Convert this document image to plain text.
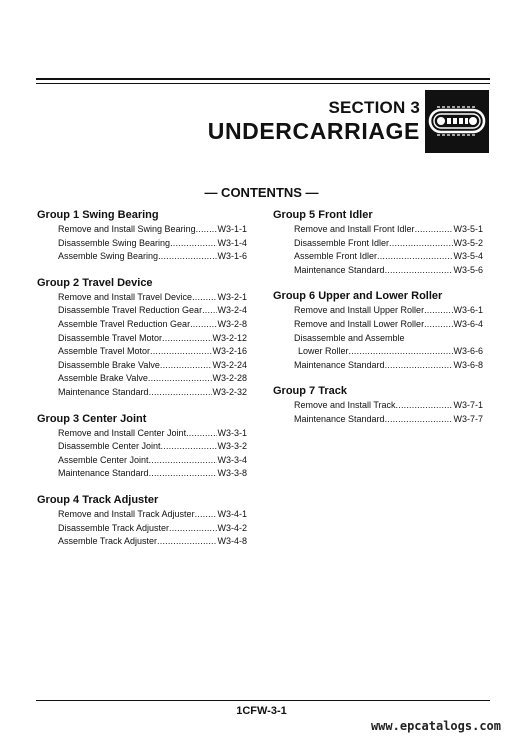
SECTION 3
UNDERCARRIAGE
— CONTENTNS —
Group 1 Swing Bearing
Remove and Install Swing Bearing ..... W3-1-1
Disassemble Swing Bearing .....	W3-1-4
Assemble Swing Bearing .....	W3-1-6
Group 2 Travel Device
Remove and Install Travel Device .....	W3-2-1
Disassemble Travel Reduction Gear ..... W3-2-4
Assemble Travel Reduction Gear .....	W3-2-8
Disassemble Travel Motor .....	W3-2-12
Assemble Travel Motor .....	W3-2-16
Disassemble Brake Valve .....	W3-2-24
Assemble Brake Valve .....	W3-2-28
Maintenance Standard .....	W3-2-32
Group 3 Center Joint
Remove and Install Center Joint .....	W3-3-1
Disassemble Center Joint .....	W3-3-2
Assemble Center Joint .....	W3-3-4
Maintenance Standard .....	W3-3-8
Group 4 Track Adjuster
Remove and Install Track Adjuster .....	W3-4-1
Disassemble Track Adjuster .....	W3-4-2
Assemble Track Adjuster .....	W3-4-8
Group 5 Front Idler
Remove and Install Front Idler .....	W3-5-1
Disassemble Front Idler .....	W3-5-2
Assemble Front Idler .....	W3-5-4
Maintenance Standard .....	W3-5-6
Group 6 Upper and Lower Roller
Remove and Install Upper Roller .....	W3-6-1
Remove and Install Lower Roller .....	W3-6-4
Disassemble and Assemble
Lower Roller .....	W3-6-6
Maintenance Standard .....	W3-6-8
Group 7 Track
Remove and Install Track .....	W3-7-1
Maintenance Standard .....	W3-7-7
1CFW-3-1
www.epcatalogs.com
